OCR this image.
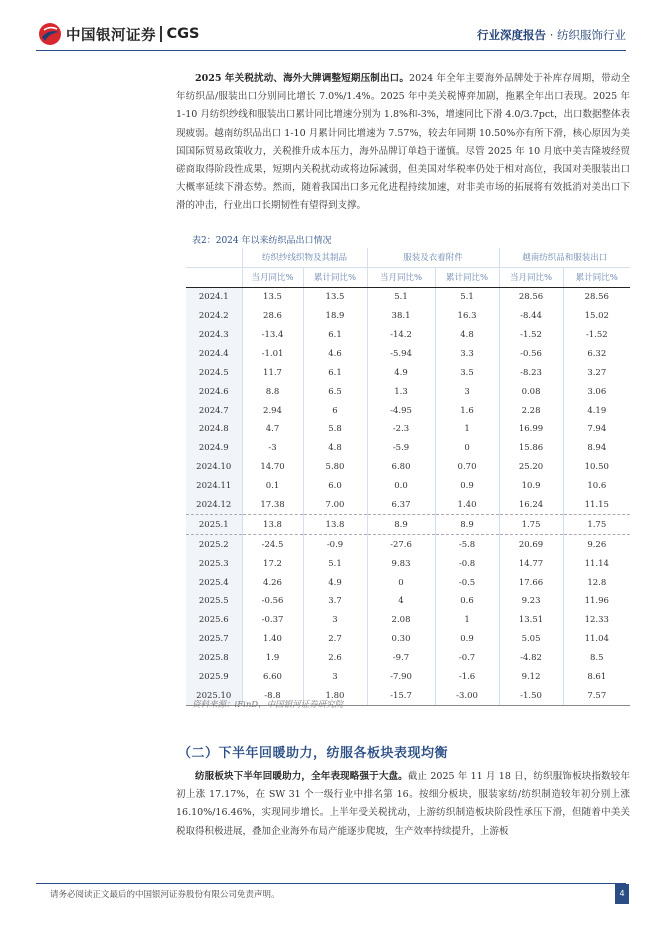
中国银河证券 CGS	行业深度报告 · 纺织服饰行业

2025 年关税扰动、海外大牌调整短期压制出口。2024 年全年主要海外品牌处于补库存周期，带动全年纺织品/服装出口分别同比增长 7.0%/1.4%。2025 年中美关税博弈加剧，拖累全年出口表现。2025 年 1-10 月纺织纱线和服装出口累计同比增速分别为 1.8%和-3%，增速同比下滑 4.0/3.7pct，出口数据整体表现疲弱。越南纺织品出口 1-10 月累计同比增速为 7.57%，较去年同期 10.50%亦有所下滑，核心原因为美国国际贸易政策收力，关税推升成本压力，海外品牌订单趋于谨慎。尽管 2025 年 10 月底中美吉隆坡经贸磋商取得阶段性成果，短期内关税扰动或将边际减弱，但美国对华税率仍处于相对高位，我国对美服装出口大概率延续下滑态势。然而，随着我国出口多元化进程持续加速，对非美市场的拓展将有效抵消对美出口下滑的冲击，行业出口长期韧性有望得到支撑。

表2：2024 年以来纺织品出口情况
	纺织纱线织物及其制品		服装及衣着附件		越南纺织品和服装出口	
	当月同比%	累计同比%	当月同比%	累计同比%	当月同比%	累计同比%
2024.1	13.5	13.5	5.1	5.1	28.56	28.56
2024.2	28.6	18.9	38.1	16.3	-8.44	15.02
2024.3	-13.4	6.1	-14.2	4.8	-1.52	-1.52
2024.4	-1.01	4.6	-5.94	3.3	-0.56	6.32
2024.5	11.7	6.1	4.9	3.5	-8.23	3.27
2024.6	8.8	6.5	1.3	3	0.08	3.06
2024.7	2.94	6	-4.95	1.6	2.28	4.19
2024.8	4.7	5.8	-2.3	1	16.99	7.94
2024.9	-3	4.8	-5.9	0	15.86	8.94
2024.10	14.70	5.80	6.80	0.70	25.20	10.50
2024.11	0.1	6.0	0.0	0.9	10.9	10.6
2024.12	17.38	7.00	6.37	1.40	16.24	11.15
2025.1	13.8	13.8	8.9	8.9	1.75	1.75
2025.2	-24.5	-0.9	-27.6	-5.8	20.69	9.26
2025.3	17.2	5.1	9.83	-0.8	14.77	11.14
2025.4	4.26	4.9	0	-0.5	17.66	12.8
2025.5	-0.56	3.7	4	0.6	9.23	11.96
2025.6	-0.37	3	2.08	1	13.51	12.33
2025.7	1.40	2.7	0.30	0.9	5.05	11.04
2025.8	1.9	2.6	-9.7	-0.7	-4.82	8.5
2025.9	6.60	3	-7.90	-1.6	9.12	8.61
2025.10	-8.8	1.80	-15.7	-3.00	-1.50	7.57
资料来源：iFinD，中国银河证券研究院
（二）下半年回暖助力，纺服各板块表现均衡

纺服板块下半年回暖助力，全年表现略强于大盘。截止 2025 年 11 月 18 日，纺织服饰板块指数较年初上涨 17.17%，在 SW 31 个一级行业中排名第 16。按细分板块，服装家纺/纺织制造较年初分别上涨 16.10%/16.46%，实现同步增长。上半年受关税扰动，上游纺织制造板块阶段性承压下滑，但随着中美关税取得积极进展，叠加企业海外布局产能逐步爬坡，生产效率持续提升，上游板

请务必阅读正文最后的中国银河证券股份有限公司免责声明。	4
